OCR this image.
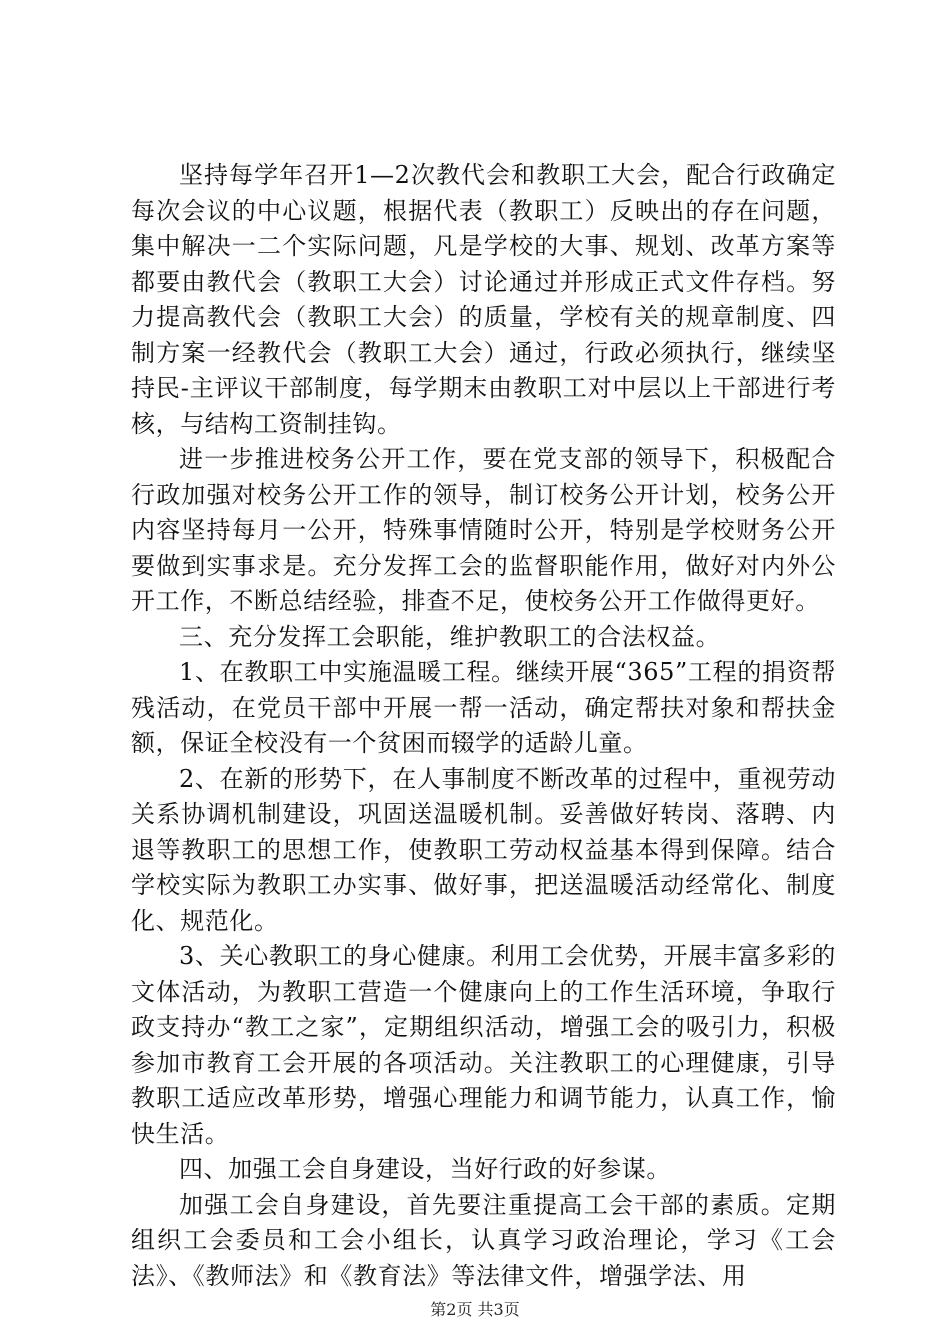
坚持每学年召开1—2次教代会和教职工大会，配合行政确定每次会议的中心议题，根据代表（教职工）反映出的存在问题，集中解决一二个实际问题，凡是学校的大事、规划、改革方案等都要由教代会（教职工大会）讨论通过并形成正式文件存档。努力提高教代会（教职工大会）的质量，学校有关的规章制度、四制方案一经教代会（教职工大会）通过，行政必须执行，继续坚持民-主评议干部制度，每学期末由教职工对中层以上干部进行考核，与结构工资制挂钩。

进一步推进校务公开工作，要在党支部的领导下，积极配合行政加强对校务公开工作的领导，制订校务公开计划，校务公开内容坚持每月一公开，特殊事情随时公开，特别是学校财务公开要做到实事求是。充分发挥工会的监督职能作用，做好对内外公开工作，不断总结经验，排查不足，使校务公开工作做得更好。

三、充分发挥工会职能，维护教职工的合法权益。

1、在教职工中实施温暖工程。继续开展“365”工程的捐资帮残活动，在党员干部中开展一帮一活动，确定帮扶对象和帮扶金额，保证全校没有一个贫困而辍学的适龄儿童。

2、在新的形势下，在人事制度不断改革的过程中，重视劳动关系协调机制建设，巩固送温暖机制。妥善做好转岗、落聘、内退等教职工的思想工作，使教职工劳动权益基本得到保障。结合学校实际为教职工办实事、做好事，把送温暖活动经常化、制度化、规范化。

3、关心教职工的身心健康。利用工会优势，开展丰富多彩的文体活动，为教职工营造一个健康向上的工作生活环境，争取行政支持办“教工之家”，定期组织活动，增强工会的吸引力，积极参加市教育工会开展的各项活动。关注教职工的心理健康，引导教职工适应改革形势，增强心理能力和调节能力，认真工作，愉快生活。

四、加强工会自身建设，当好行政的好参谋。

加强工会自身建设，首先要注重提高工会干部的素质。定期组织工会委员和工会小组长，认真学习政治理论，学习《工会法》、《教师法》和《教育法》等法律文件，增强学法、用

第2页 共3页
